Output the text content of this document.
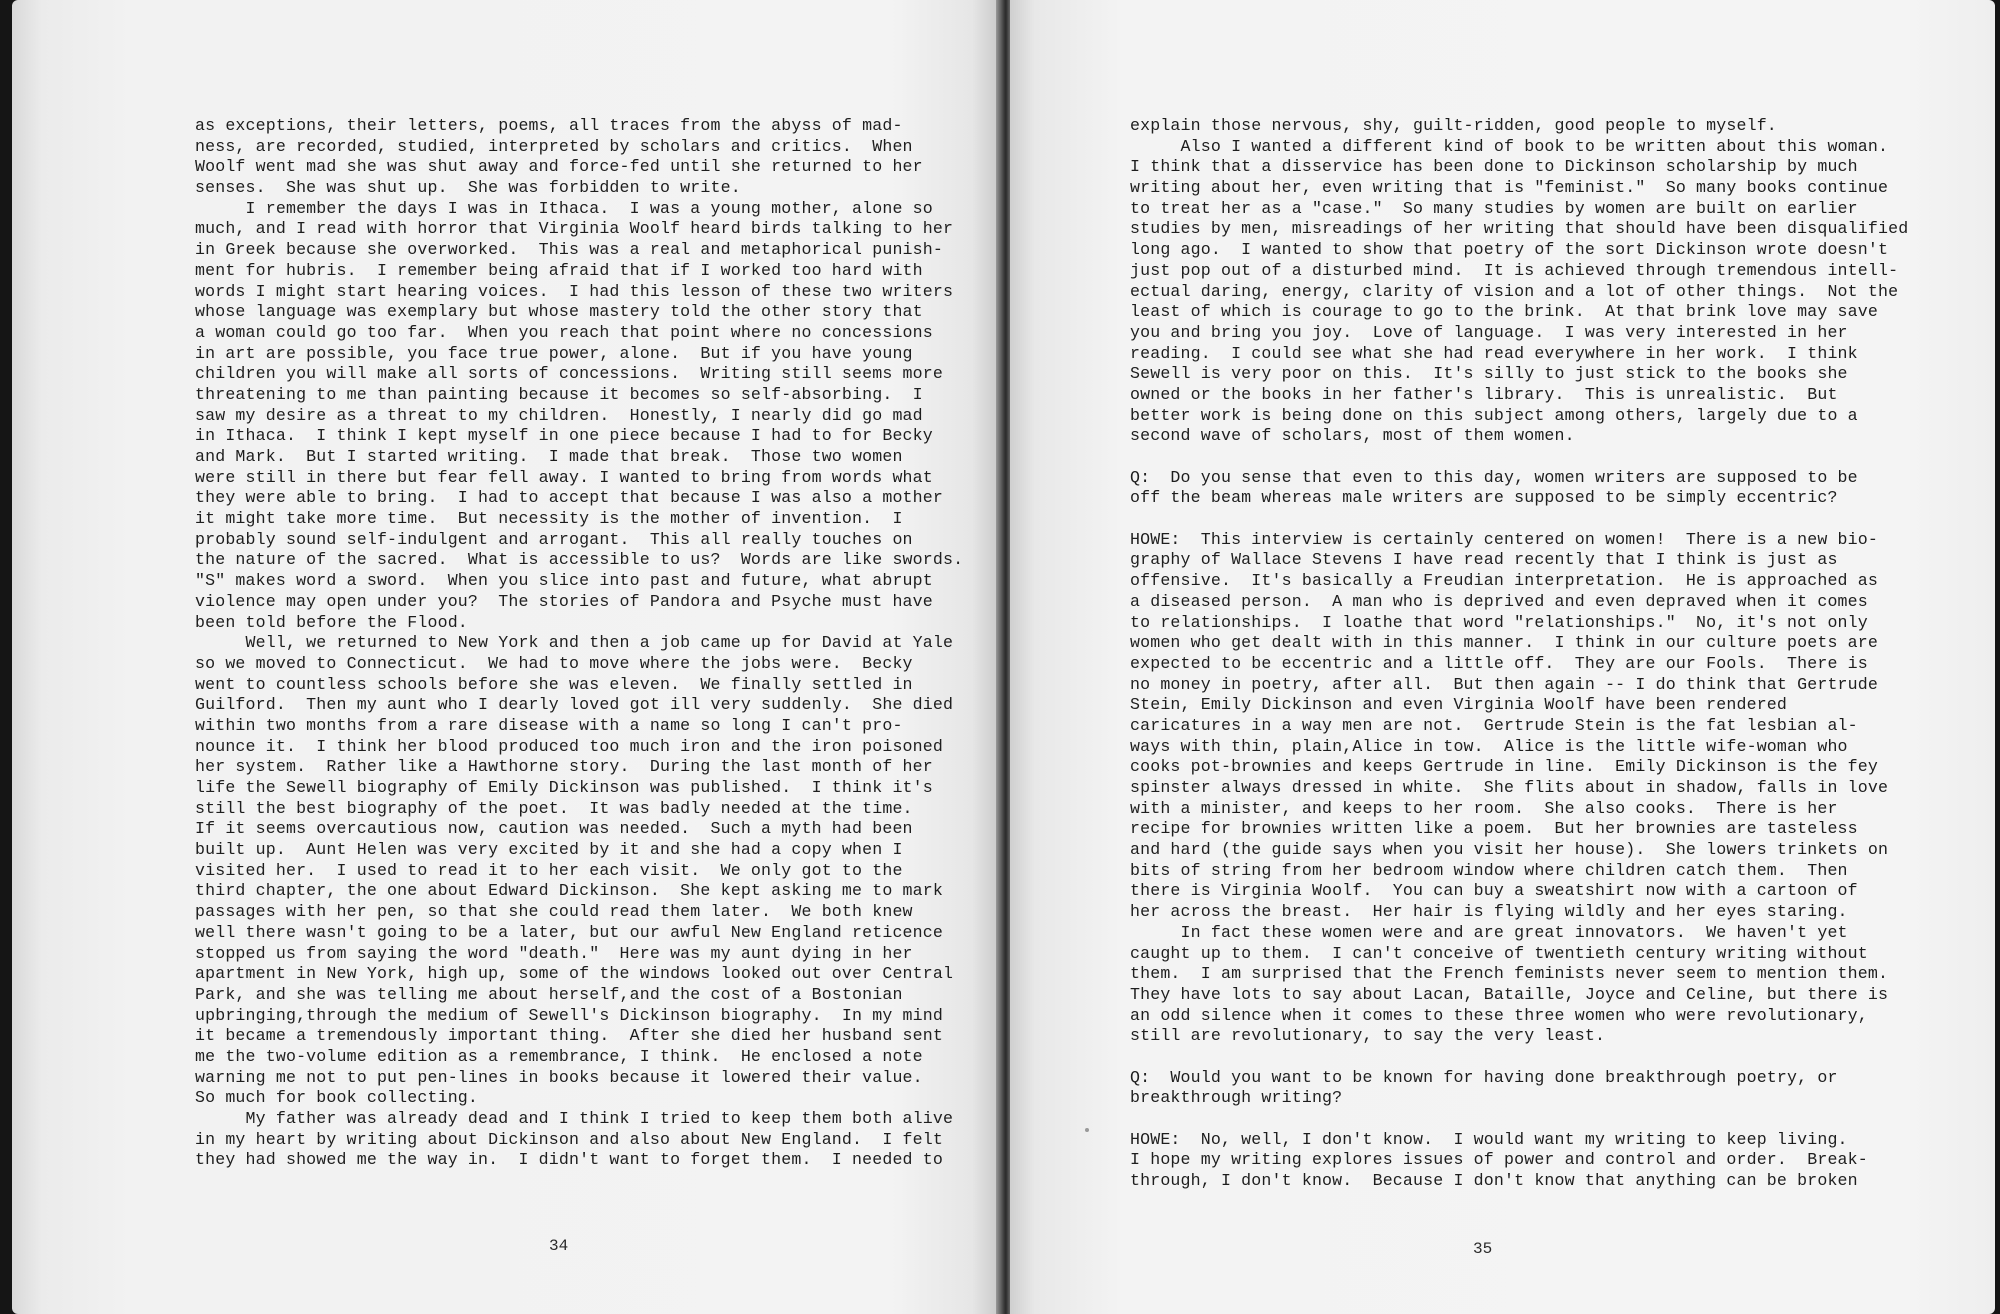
as exceptions, their letters, poems, all traces from the abyss of mad-
ness, are recorded, studied, interpreted by scholars and critics.  When
Woolf went mad she was shut away and force-fed until she returned to her
senses.  She was shut up.  She was forbidden to write.
I remember the days I was in Ithaca.  I was a young mother, alone so
much, and I read with horror that Virginia Woolf heard birds talking to her
in Greek because she overworked.  This was a real and metaphorical punish-
ment for hubris.  I remember being afraid that if I worked too hard with
words I might start hearing voices.  I had this lesson of these two writers
whose language was exemplary but whose mastery told the other story that
a woman could go too far.  When you reach that point where no concessions
in art are possible, you face true power, alone.  But if you have young
children you will make all sorts of concessions.  Writing still seems more
threatening to me than painting because it becomes so self-absorbing.  I
saw my desire as a threat to my children.  Honestly, I nearly did go mad
in Ithaca.  I think I kept myself in one piece because I had to for Becky
and Mark.  But I started writing.  I made that break.  Those two women
were still in there but fear fell away. I wanted to bring from words what
they were able to bring.  I had to accept that because I was also a mother
it might take more time.  But necessity is the mother of invention.  I
probably sound self-indulgent and arrogant.  This all really touches on
the nature of the sacred.  What is accessible to us?  Words are like swords.
"S" makes word a sword.  When you slice into past and future, what abrupt
violence may open under you?  The stories of Pandora and Psyche must have
been told before the Flood.
Well, we returned to New York and then a job came up for David at Yale
so we moved to Connecticut.  We had to move where the jobs were.  Becky
went to countless schools before she was eleven.  We finally settled in
Guilford.  Then my aunt who I dearly loved got ill very suddenly.  She died
within two months from a rare disease with a name so long I can't pro-
nounce it.  I think her blood produced too much iron and the iron poisoned
her system.  Rather like a Hawthorne story.  During the last month of her
life the Sewell biography of Emily Dickinson was published.  I think it's
still the best biography of the poet.  It was badly needed at the time.
If it seems overcautious now, caution was needed.  Such a myth had been
built up.  Aunt Helen was very excited by it and she had a copy when I
visited her.  I used to read it to her each visit.  We only got to the
third chapter, the one about Edward Dickinson.  She kept asking me to mark
passages with her pen, so that she could read them later.  We both knew
well there wasn't going to be a later, but our awful New England reticence
stopped us from saying the word "death."  Here was my aunt dying in her
apartment in New York, high up, some of the windows looked out over Central
Park, and she was telling me about herself,and the cost of a Bostonian
upbringing,through the medium of Sewell's Dickinson biography.  In my mind
it became a tremendously important thing.  After she died her husband sent
me the two-volume edition as a remembrance, I think.  He enclosed a note
warning me not to put pen-lines in books because it lowered their value.
So much for book collecting.
My father was already dead and I think I tried to keep them both alive
in my heart by writing about Dickinson and also about New England.  I felt
they had showed me the way in.  I didn't want to forget them.  I needed to
34
explain those nervous, shy, guilt-ridden, good people to myself.
Also I wanted a different kind of book to be written about this woman.
I think that a disservice has been done to Dickinson scholarship by much
writing about her, even writing that is "feminist."  So many books continue
to treat her as a "case."  So many studies by women are built on earlier
studies by men, misreadings of her writing that should have been disqualified
long ago.  I wanted to show that poetry of the sort Dickinson wrote doesn't
just pop out of a disturbed mind.  It is achieved through tremendous intell-
ectual daring, energy, clarity of vision and a lot of other things.  Not the
least of which is courage to go to the brink.  At that brink love may save
you and bring you joy.  Love of language.  I was very interested in her
reading.  I could see what she had read everywhere in her work.  I think
Sewell is very poor on this.  It's silly to just stick to the books she
owned or the books in her father's library.  This is unrealistic.  But
better work is being done on this subject among others, largely due to a
second wave of scholars, most of them women.
Q:  Do you sense that even to this day, women writers are supposed to be
off the beam whereas male writers are supposed to be simply eccentric?
HOWE:  This interview is certainly centered on women!  There is a new bio-
graphy of Wallace Stevens I have read recently that I think is just as
offensive.  It's basically a Freudian interpretation.  He is approached as
a diseased person.  A man who is deprived and even depraved when it comes
to relationships.  I loathe that word "relationships."  No, it's not only
women who get dealt with in this manner.  I think in our culture poets are
expected to be eccentric and a little off.  They are our Fools.  There is
no money in poetry, after all.  But then again -- I do think that Gertrude
Stein, Emily Dickinson and even Virginia Woolf have been rendered
caricatures in a way men are not.  Gertrude Stein is the fat lesbian al-
ways with thin, plain,Alice in tow.  Alice is the little wife-woman who
cooks pot-brownies and keeps Gertrude in line.  Emily Dickinson is the fey
spinster always dressed in white.  She flits about in shadow, falls in love
with a minister, and keeps to her room.  She also cooks.  There is her
recipe for brownies written like a poem.  But her brownies are tasteless
and hard (the guide says when you visit her house).  She lowers trinkets on
bits of string from her bedroom window where children catch them.  Then
there is Virginia Woolf.  You can buy a sweatshirt now with a cartoon of
her across the breast.  Her hair is flying wildly and her eyes staring.
In fact these women were and are great innovators.  We haven't yet
caught up to them.  I can't conceive of twentieth century writing without
them.  I am surprised that the French feminists never seem to mention them.
They have lots to say about Lacan, Bataille, Joyce and Celine, but there is
an odd silence when it comes to these three women who were revolutionary,
still are revolutionary, to say the very least.
Q:  Would you want to be known for having done breakthrough poetry, or
breakthrough writing?
HOWE:  No, well, I don't know.  I would want my writing to keep living.
I hope my writing explores issues of power and control and order.  Break-
through, I don't know.  Because I don't know that anything can be broken
35
